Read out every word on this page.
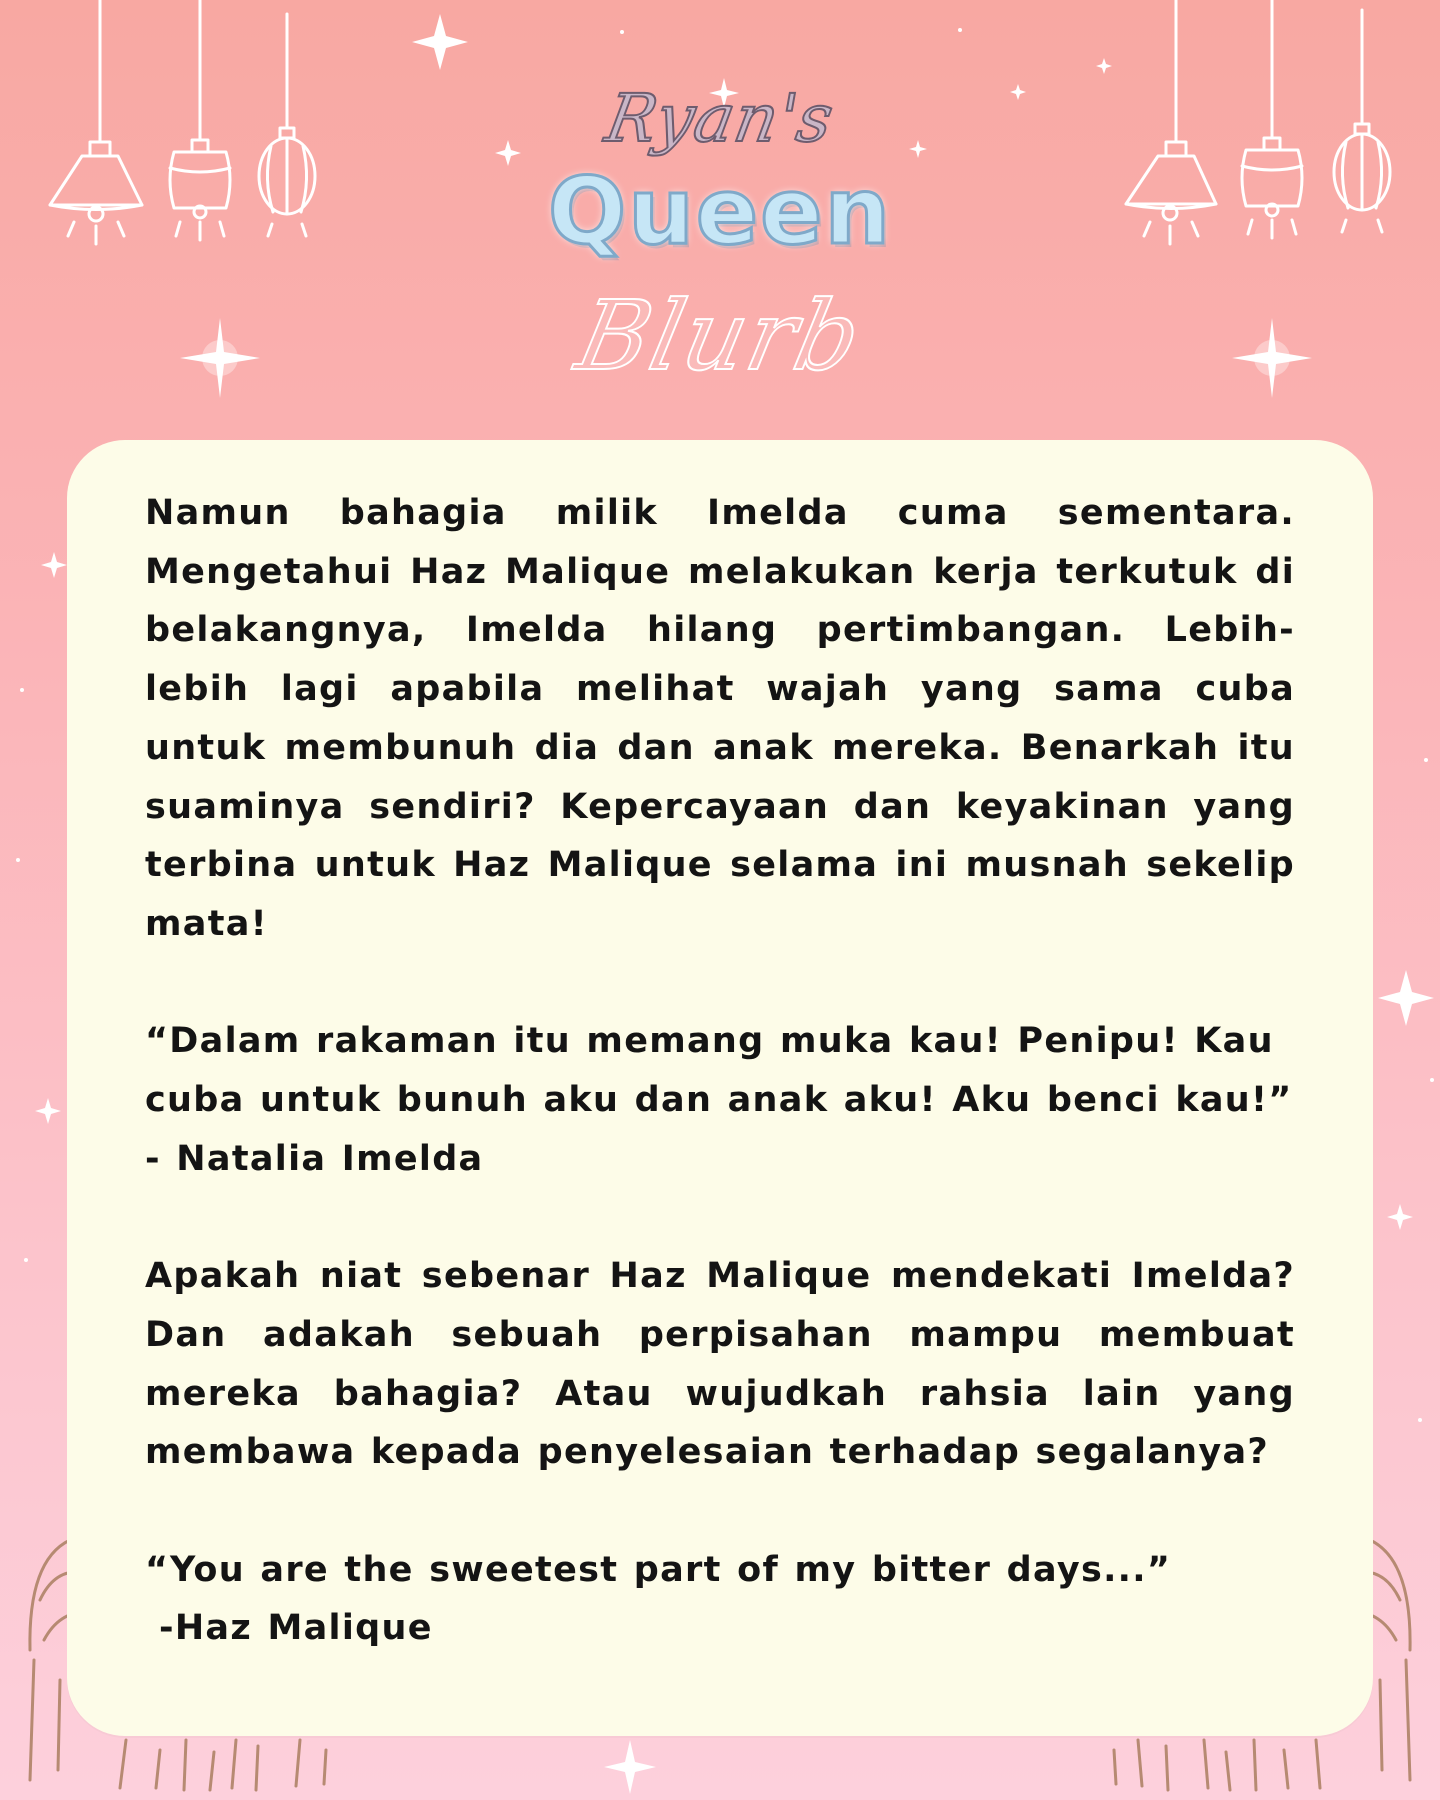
Ryan's
Queen
Blurb

Namun bahagia milik Imelda cuma sementara. Mengetahui Haz Malique melakukan kerja terkutuk di belakangnya, Imelda hilang pertimbangan. Lebih-lebih lagi apabila melihat wajah yang sama cuba untuk membunuh dia dan anak mereka. Benarkah itu suaminya sendiri? Kepercayaan dan keyakinan yang terbina untuk Haz Malique selama ini musnah sekelip mata!

“Dalam rakaman itu memang muka kau! Penipu! Kau cuba untuk bunuh aku dan anak aku! Aku benci kau!”
- Natalia Imelda

Apakah niat sebenar Haz Malique mendekati Imelda? Dan adakah sebuah perpisahan mampu membuat mereka bahagia? Atau wujudkah rahsia lain yang membawa kepada penyelesaian terhadap segalanya?

“You are the sweetest part of my bitter days...”
-Haz Malique
